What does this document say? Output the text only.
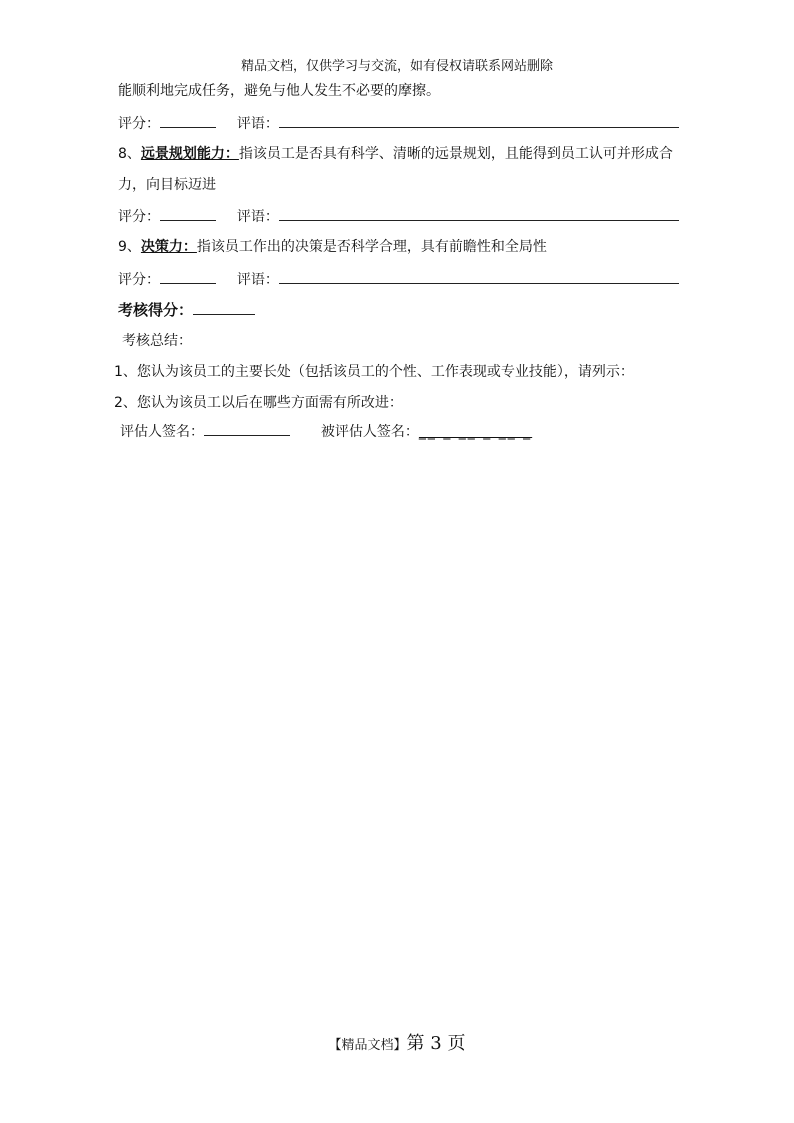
精品文档，仅供学习与交流，如有侵权请联系网站删除
能顺利地完成任务，避免与他人发生不必要的摩擦。
评分：	评语：
8、远景规划能力：指该员工是否具有科学、清晰的远景规划，且能得到员工认可并形成合
力，向目标迈进
评分：	评语：
9、决策力：指该员工作出的决策是否科学合理，具有前瞻性和全局性
评分：	评语：
考核得分：
考核总结：
1、您认为该员工的主要长处（包括该员工的个性、工作表现或专业技能），请列示：
2、您认为该员工以后在哪些方面需有所改进：
评估人签名：	被评估人签名：__ _ __ _ __ _
【精品文档】第 3 页
